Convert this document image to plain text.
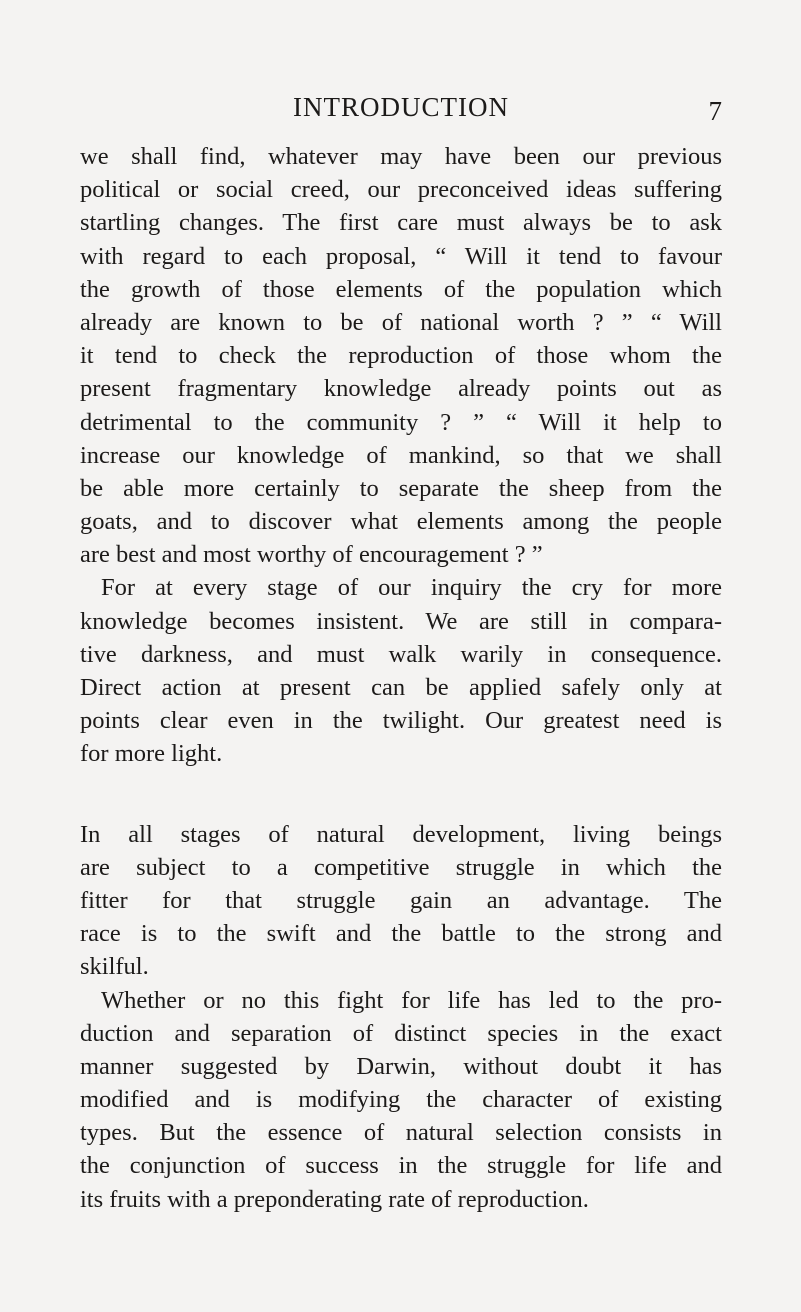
INTRODUCTION	7
we shall find, whatever may have been our previous
political or social creed, our preconceived ideas suffering
startling changes. The first care must always be to ask
with regard to each proposal, “ Will it tend to favour
the growth of those elements of the population which
already are known to be of national worth ? ” “ Will
it tend to check the reproduction of those whom the
present fragmentary knowledge already points out as
detrimental to the community ? ” “ Will it help to
increase our knowledge of mankind, so that we shall
be able more certainly to separate the sheep from the
goats, and to discover what elements among the people
are best and most worthy of encouragement ? ”
For at every stage of our inquiry the cry for more
knowledge becomes insistent. We are still in compara-
tive darkness, and must walk warily in consequence.
Direct action at present can be applied safely only at
points clear even in the twilight. Our greatest need is
for more light.
In all stages of natural development, living beings
are subject to a competitive struggle in which the
fitter for that struggle gain an advantage. The
race is to the swift and the battle to the strong and
skilful.
Whether or no this fight for life has led to the pro-
duction and separation of distinct species in the exact
manner suggested by Darwin, without doubt it has
modified and is modifying the character of existing
types. But the essence of natural selection consists in
the conjunction of success in the struggle for life and
its fruits with a preponderating rate of reproduction.
